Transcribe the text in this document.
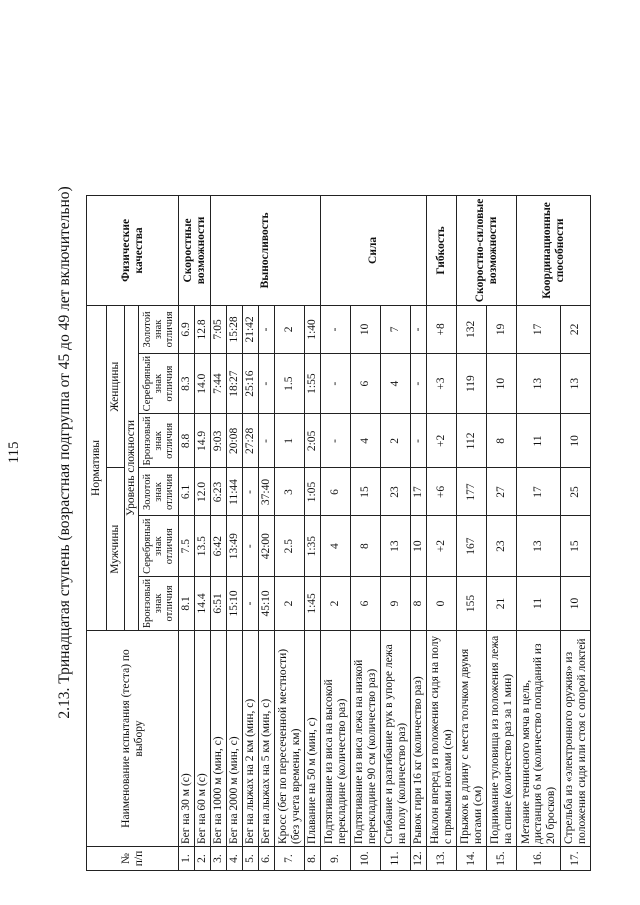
115 2.13. Тринадцатая ступень (возрастная подгруппа от 45 до 49 лет включительно)
№ п/п	Наименование испытания (теста) по выбору	Нормативы						Физические качества
		Мужчины			Женщины			
		Уровень сложности						
		Бронзовый знак отличия	Серебряный знак отличия	Золотой знак отличия	Бронзовый знак отличия	Серебряный знак отличия	Золотой знак отличия	
1.	Бег на 30 м (с)	8.1	7.5	6.1	8.8	8.3	6.9	Скоростные возможности
2.	Бег на 60 м (с)	14.4	13.5	12.0	14.9	14.0	12.8	
3.	Бег на 1000 м (мин, с)	6:51	6:42	6:23	9:03	7:44	7:05	Выносливость
4.	Бег на 2000 м (мин, с)	15:10	13:49	11:44	20:08	18:27	15:28	
5.	Бег на лыжах на 2 км (мин, с)	-	-	-	27:28	25:16	21:42	
6.	Бег на лыжах на 5 км (мин, с)	45:10	42:00	37:40	-	-	-	
7.	Кросс (бег по пересеченной местности) (без учета времени, км)	2	2.5	3	1	1.5	2	
8.	Плавание на 50 м (мин, с)	1:45	1:35	1:05	2:05	1:55	1:40	
9.	Подтягивание из виса на высокой перекладине (количество раз)	2	4	6	-	-	-	Сила
10.	Подтягивание из виса лежа на низкой перекладине 90 см (количество раз)	6	8	15	4	6	10	
11.	Сгибание и разгибание рук в упоре лежа на полу (количество раз)	9	13	23	2	4	7	
12.	Рывок гири 16 кг (количество раз)	8	10	17	-	-	-	
13.	Наклон вперед из положения сидя на полу с прямыми ногами (см)	0	+2	+6	+2	+3	+8	Гибкость
14.	Прыжок в длину с места толчком двумя ногами (см)	155	167	177	112	119	132	Скоростно-силовые возможности
15.	Поднимание туловища из положения лежа на спине (количество раз за 1 мин)	21	23	27	8	10	19	
16.	Метание теннисного мяча в цель, дистанция 6 м (количество попаданий из 20 бросков)	11	13	17	11	13	17	Координационные способности
17.	Стрельба из «электронного оружия» из положения сидя или стоя с опорой локтей	10	15	25	10	13	22	
